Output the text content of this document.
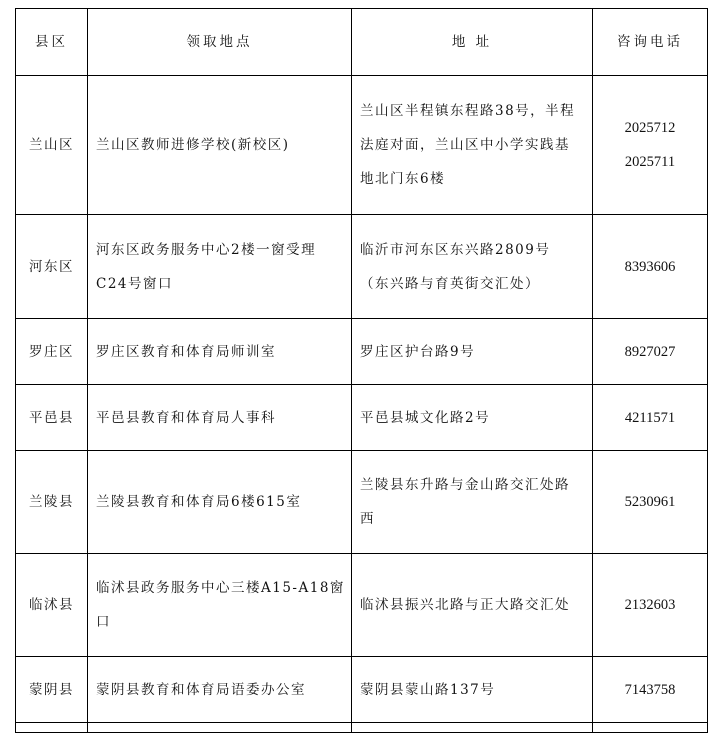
县区	领取地点	地 址	咨询电话
兰山区	兰山区教师进修学校(新校区)	兰山区半程镇东程路38号，半程
法庭对面，兰山区中小学实践基
地北门东6楼	2025712
2025711

河东区	河东区政务服务中心2楼一窗受理
C24号窗口	临沂市河东区东兴路2809号
（东兴路与育英街交汇处）	8393606

罗庄区	罗庄区教育和体育局师训室	罗庄区护台路9号	8927027

平邑县	平邑县教育和体育局人事科	平邑县城文化路2号	4211571

兰陵县	兰陵县教育和体育局6楼615室	兰陵县东升路与金山路交汇处路
西	5230961

临沭县	临沭县政务服务中心三楼A15-A18窗
口	临沭县振兴北路与正大路交汇处	2132603

蒙阴县	蒙阴县教育和体育局语委办公室	蒙阴县蒙山路137号	7143758
